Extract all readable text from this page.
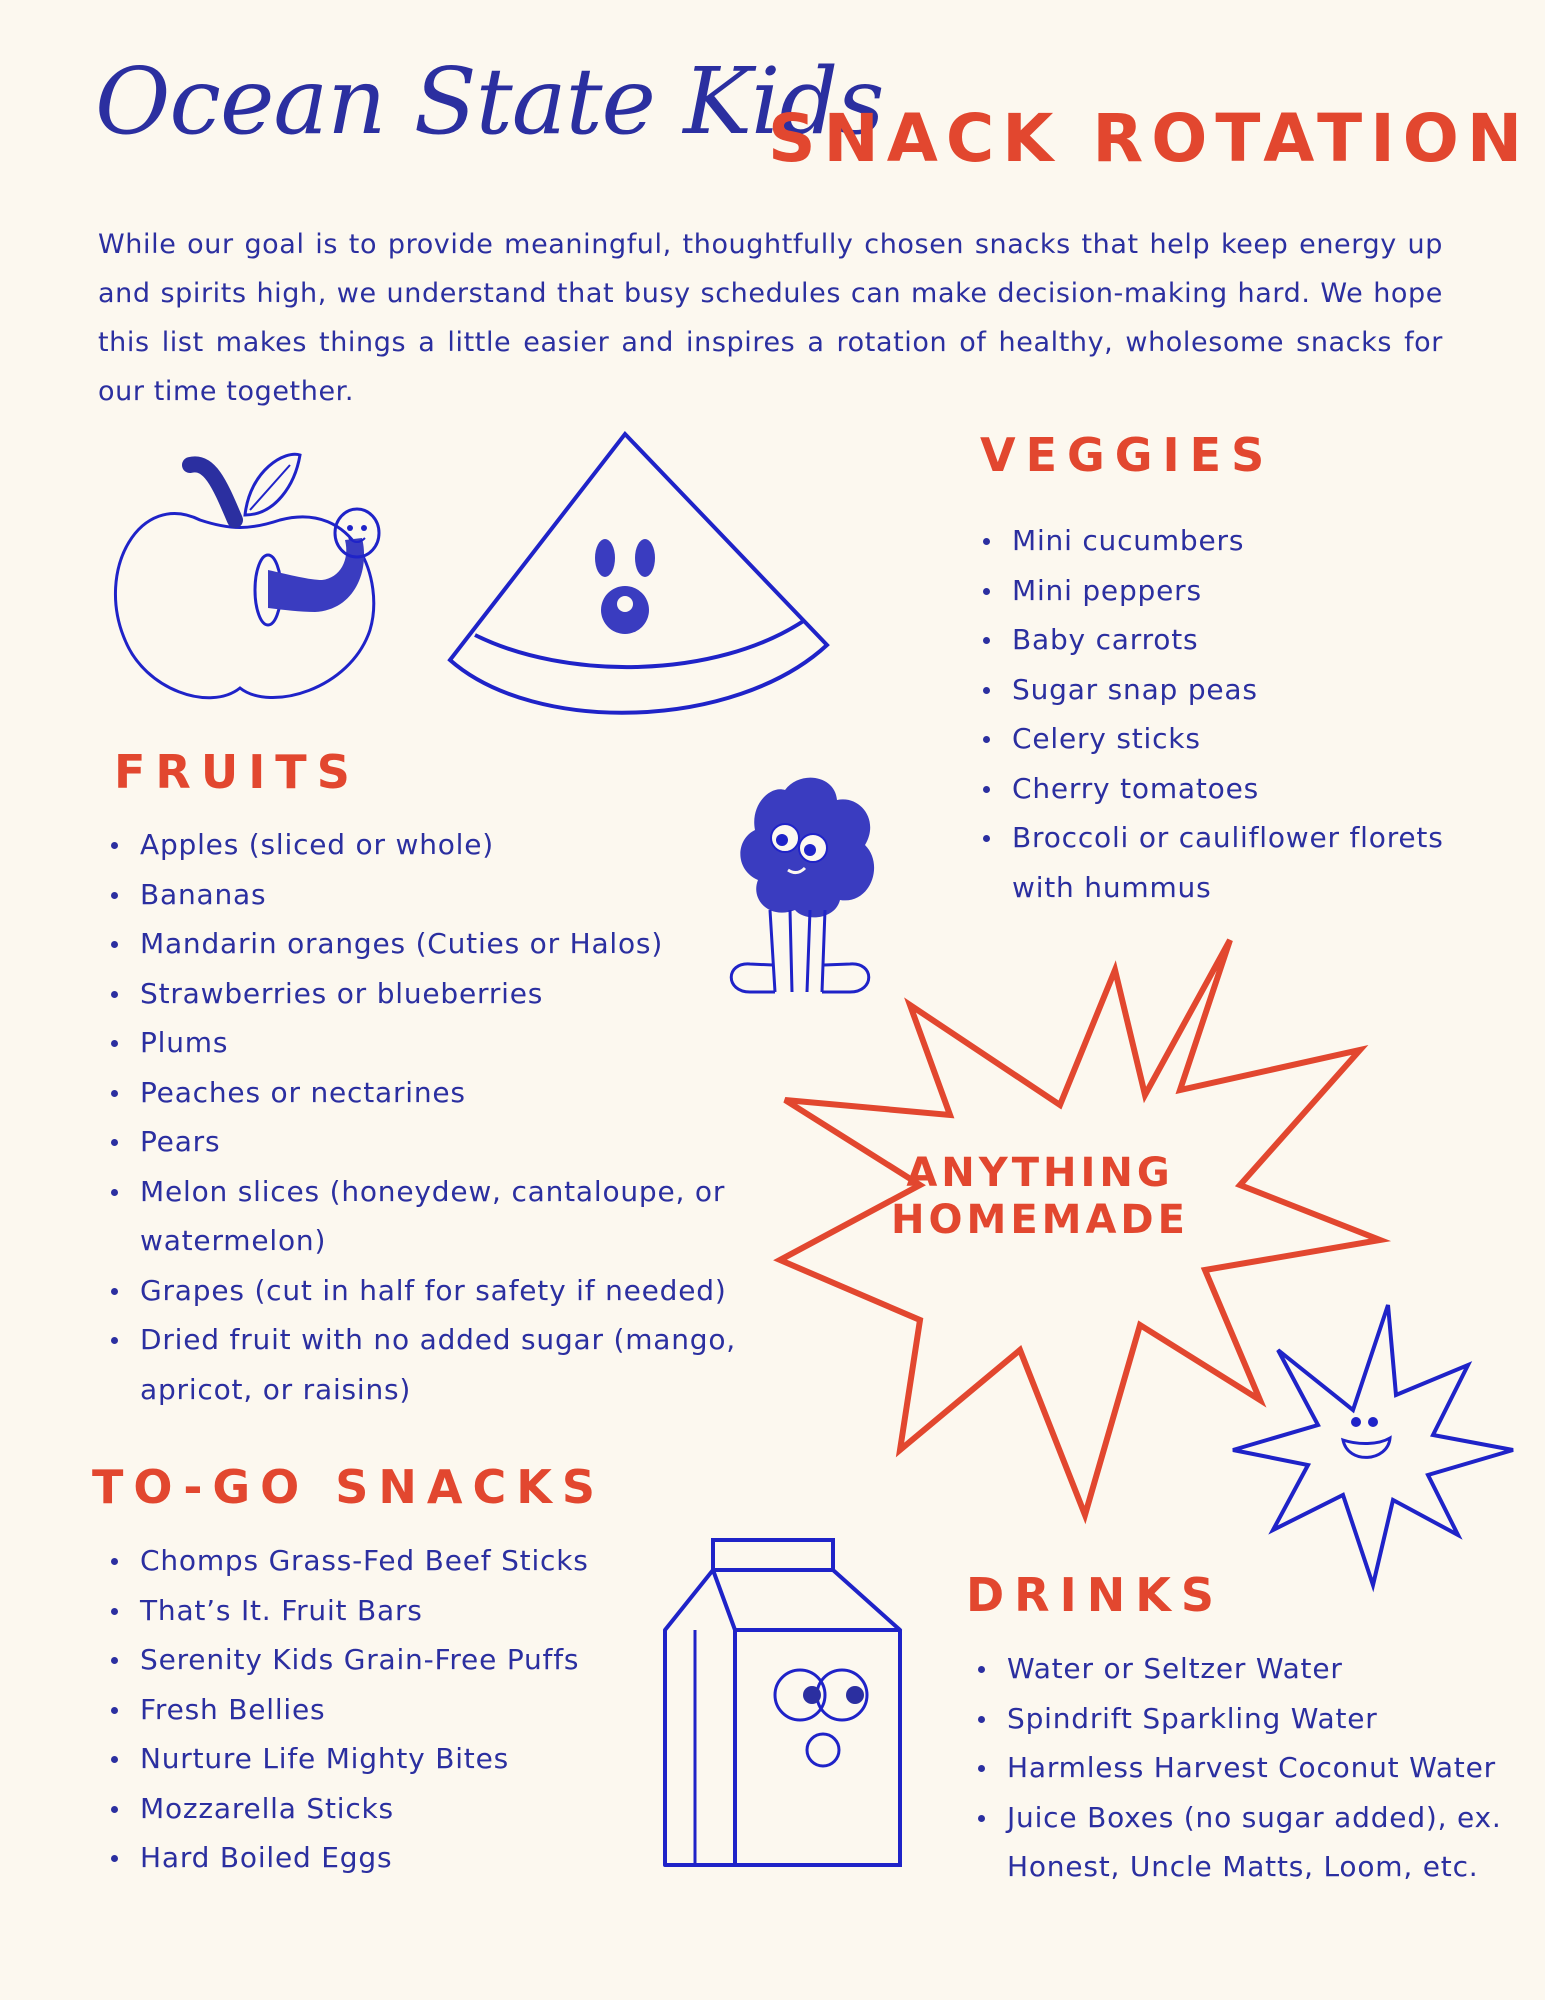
Ocean State Kids
SNACK ROTATION

While our goal is to provide meaningful, thoughtfully chosen snacks that help keep energy up and spirits high, we understand that busy schedules can make decision-making hard. We hope this list makes things a little easier and inspires a rotation of healthy, wholesome snacks for our time together.

VEGGIES
Mini cucumbers
Mini peppers
Baby carrots
Sugar snap peas
Celery sticks
Cherry tomatoes
Broccoli or cauliflower florets with hummus
FRUITS
Apples (sliced or whole)
Bananas
Mandarin oranges (Cuties or Halos)
Strawberries or blueberries
Plums
Peaches or nectarines
Pears
Melon slices (honeydew, cantaloupe, or watermelon)
Grapes (cut in half for safety if needed)
Dried fruit with no added sugar (mango, apricot, or raisins)
TO-GO SNACKS
Chomps Grass-Fed Beef Sticks
That’s It. Fruit Bars
Serenity Kids Grain-Free Puffs
Fresh Bellies
Nurture Life Mighty Bites
Mozzarella Sticks
Hard Boiled Eggs
DRINKS
Water or Seltzer Water
Spindrift Sparkling Water
Harmless Harvest Coconut Water
Juice Boxes (no sugar added), ex. Honest, Uncle Matts, Loom, etc.
ANYTHING
HOMEMADE
